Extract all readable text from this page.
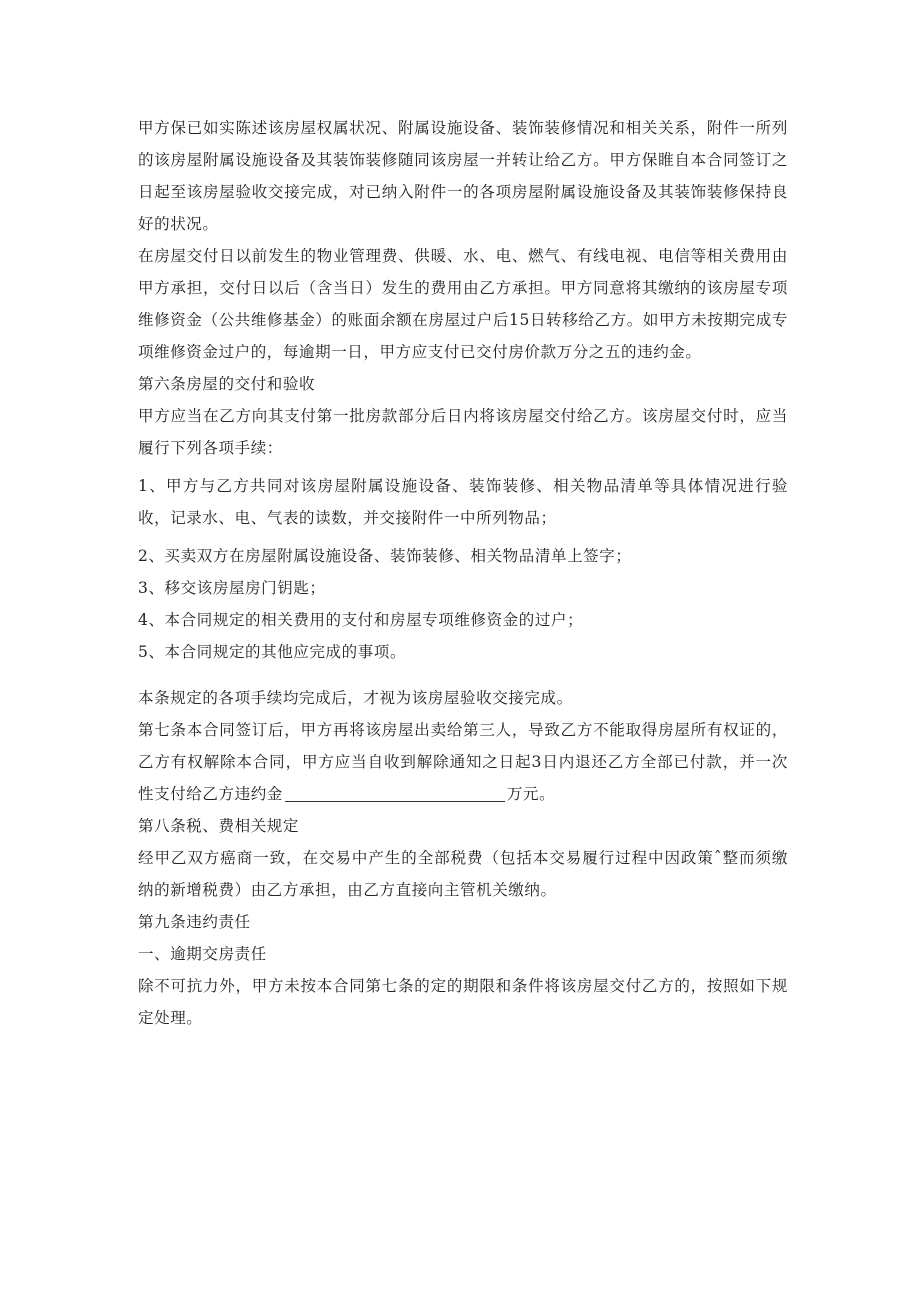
甲方保已如实陈述该房屋权属状况、附属设施设备、装饰装修情况和相关关系，附件一所列的该房屋附属设施设备及其装饰装修随同该房屋一并转让给乙方。甲方保睢自本合同签订之日起至该房屋验收交接完成，对已纳入附件一的各项房屋附属设施设备及其装饰装修保持良好的状况。

在房屋交付日以前发生的物业管理费、供暖、水、电、燃气、有线电视、电信等相关费用由甲方承担，交付日以后（含当日）发生的费用由乙方承担。甲方同意将其缴纳的该房屋专项维修资金（公共维修基金）的账面余额在房屋过户后15日转移给乙方。如甲方未按期完成专项维修资金过户的，每逾期一日，甲方应支付已交付房价款万分之五的违约金。

第六条房屋的交付和验收

甲方应当在乙方向其支付第一批房款部分后日内将该房屋交付给乙方。该房屋交付时，应当履行下列各项手续：

1、甲方与乙方共同对该房屋附属设施设备、装饰装修、相关物品清单等具体情况进行验收，记录水、电、气表的读数，并交接附件一中所列物品；

2、买卖双方在房屋附属设施设备、装饰装修、相关物品清单上签字；

3、移交该房屋房门钥匙；

4、本合同规定的相关费用的支付和房屋专项维修资金的过户；

5、本合同规定的其他应完成的事项。

本条规定的各项手续均完成后，才视为该房屋验收交接完成。

第七条本合同签订后，甲方再将该房屋出卖给第三人，导致乙方不能取得房屋所有权证的，乙方有权解除本合同，甲方应当自收到解除通知之日起3日内退还乙方全部已付款，并一次性支付给乙方违约金	万元。

第八条税、费相关规定

经甲乙双方癌商一致，在交易中产生的全部税费（包括本交易履行过程中因政策ˆ整而须缴纳的新增税费）由乙方承担，由乙方直接向主管机关缴纳。

第九条违约责任

一、逾期交房责任

除不可抗力外，甲方未按本合同第七条的定的期限和条件将该房屋交付乙方的，按照如下规定处理。
